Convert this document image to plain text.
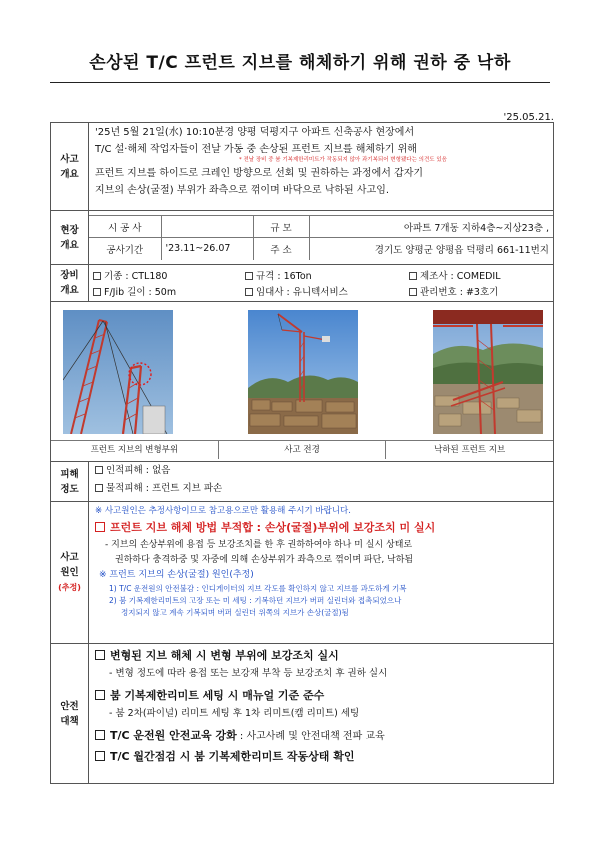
손상된 T/C 프런트 지브를 해체하기 위해 권하 중 낙하
'25.05.21.
사고
개요	

'25년 5월 21일(水) 10:10분경 양평 덕평지구 아파트 신축공사 현장에서

T/C 설·해체 작업자들이 전날 가동 중 손상된 프런트 지브를 해체하기 위해

* 전날 장비 중 붐 기복제한리미트가 작동되지 않아 과기복되어 변형됐다는 의견도 있음

프런트 지브를 하이드로 크레인 방향으로 선회 및 권하하는 과정에서 갑자기

지브의 손상(굴절) 부위가 좌측으로 꺾이며 바닥으로 낙하된 사고임.

현장
개요	
시 공 사		규 모	아파트 7개동 지하4층~지상23층 ,
공사기간	'23.11~26.07	주 소	경기도 양평군 양평읍 덕평리 661-11번지

장비
개요	
기종 : CTL180	규격 : 16Ton	제조사 : COMEDIL
F/Jib 길이 : 50m	임대사 : 유니텍서비스	관리번호 : #3호기

프런트 지브의 변형부위	사고 전경	낙하된 프런트 지브

피해
정도	

인적피해 : 없음

물적피해 : 프런트 지브 파손

사고
원인
(추정)	
※ 사고원인은 추정사항이므로 참고용으로만 활용해 주시기 바랍니다.
프런트 지브 해체 방법 부적합 : 손상(굴절)부위에 보강조치 미 실시
- 지브의 손상부위에 용접 등 보강조치를 한 후 권하하여야 하나 미 실시 상태로
권하하다 충격하중 및 자중에 의해 손상부위가 좌측으로 꺾이며 파단, 낙하됨
※ 프런트 지브의 손상(굴절) 원인(추정)
1) T/C 운전원의 안전불감 : 인디게이터의 지브 각도를 확인하지 않고 지브를 과도하게 기복
2) 붐 기복제한리미트의 고장 또는 미 세팅 : 기복하던 지브가 버퍼 실린더와 접촉되었으나
정지되지 않고 계속 기복되며 버퍼 실린더 위쪽의 지브가 손상(굴절)됨

안전
대책	
변형된 지브 해체 시 변형 부위에 보강조치 실시
- 변형 정도에 따라 용접 또는 보강재 부착 등 보강조치 후 권하 실시
붐 기복제한리미트 세팅 시 매뉴얼 기준 준수
- 붐 2차(파이널) 리미트 세팅 후 1차 리미트(캠 리미트) 세팅
T/C 운전원 안전교육 강화 : 사고사례 및 안전대책 전파 교육
T/C 월간점검 시 붐 기복제한리미트 작동상태 확인
